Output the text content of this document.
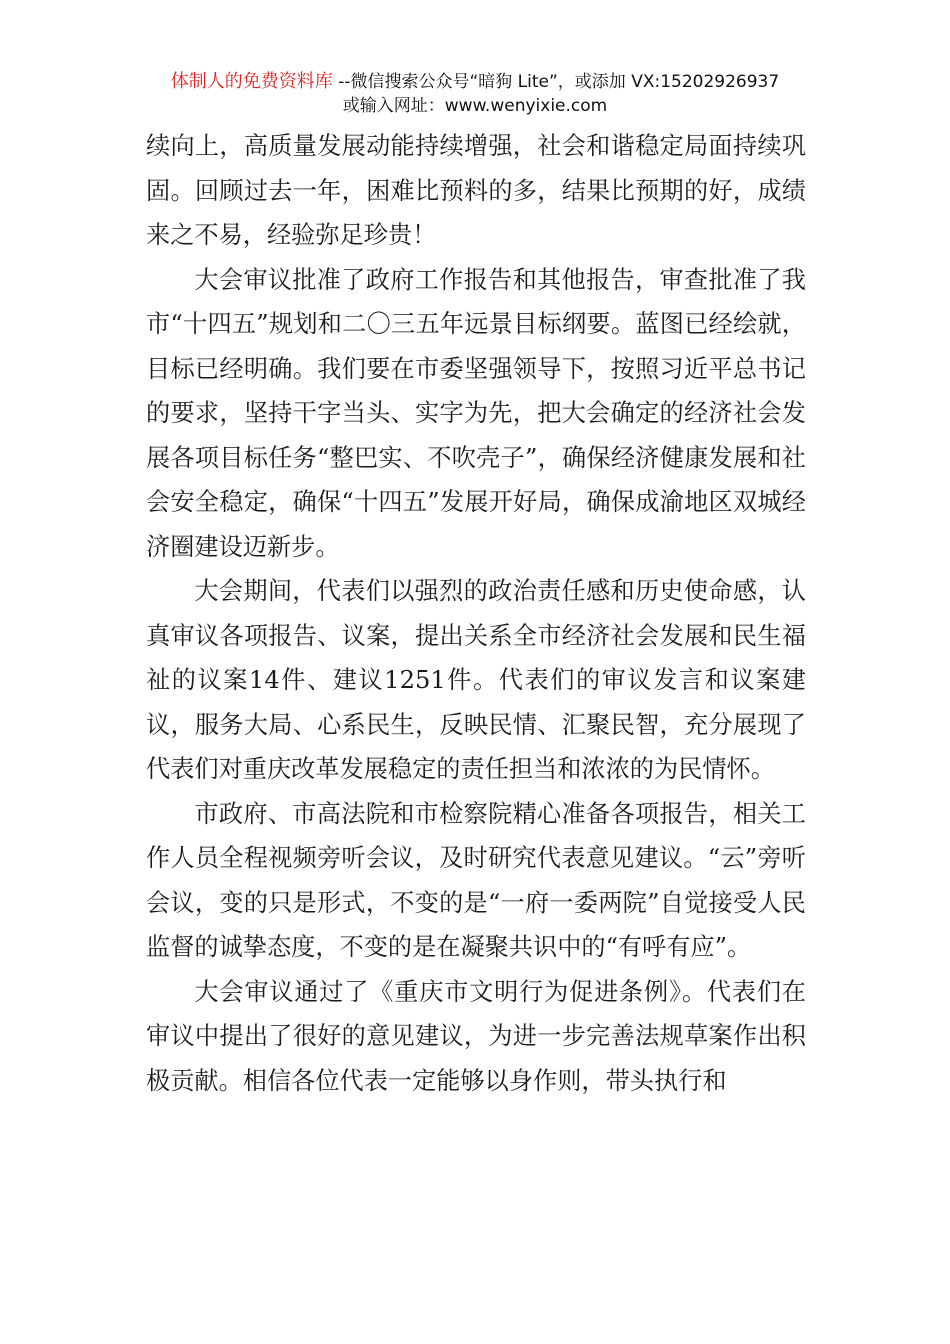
体制人的免费资料库 --微信搜索公众号“暗狗 Lite”，或添加 VX:15202926937
或输入网址：www.wenyixie.com

续向上，高质量发展动能持续增强，社会和谐稳定局面持续巩固。回顾过去一年，困难比预料的多，结果比预期的好，成绩来之不易，经验弥足珍贵！

大会审议批准了政府工作报告和其他报告，审查批准了我市“十四五”规划和二〇三五年远景目标纲要。蓝图已经绘就，目标已经明确。我们要在市委坚强领导下，按照习近平总书记的要求，坚持干字当头、实字为先，把大会确定的经济社会发展各项目标任务“整巴实、不吹壳子”，确保经济健康发展和社会安全稳定，确保“十四五”发展开好局，确保成渝地区双城经济圈建设迈新步。

大会期间，代表们以强烈的政治责任感和历史使命感，认真审议各项报告、议案，提出关系全市经济社会发展和民生福祉的议案14件、建议1251件。代表们的审议发言和议案建议，服务大局、心系民生，反映民情、汇聚民智，充分展现了代表们对重庆改革发展稳定的责任担当和浓浓的为民情怀。

市政府、市高法院和市检察院精心准备各项报告，相关工作人员全程视频旁听会议，及时研究代表意见建议。“云”旁听会议，变的只是形式，不变的是“一府一委两院”自觉接受人民监督的诚挚态度，不变的是在凝聚共识中的“有呼有应”。

大会审议通过了《重庆市文明行为促进条例》。代表们在审议中提出了很好的意见建议，为进一步完善法规草案作出积极贡献。相信各位代表一定能够以身作则，带头执行和
